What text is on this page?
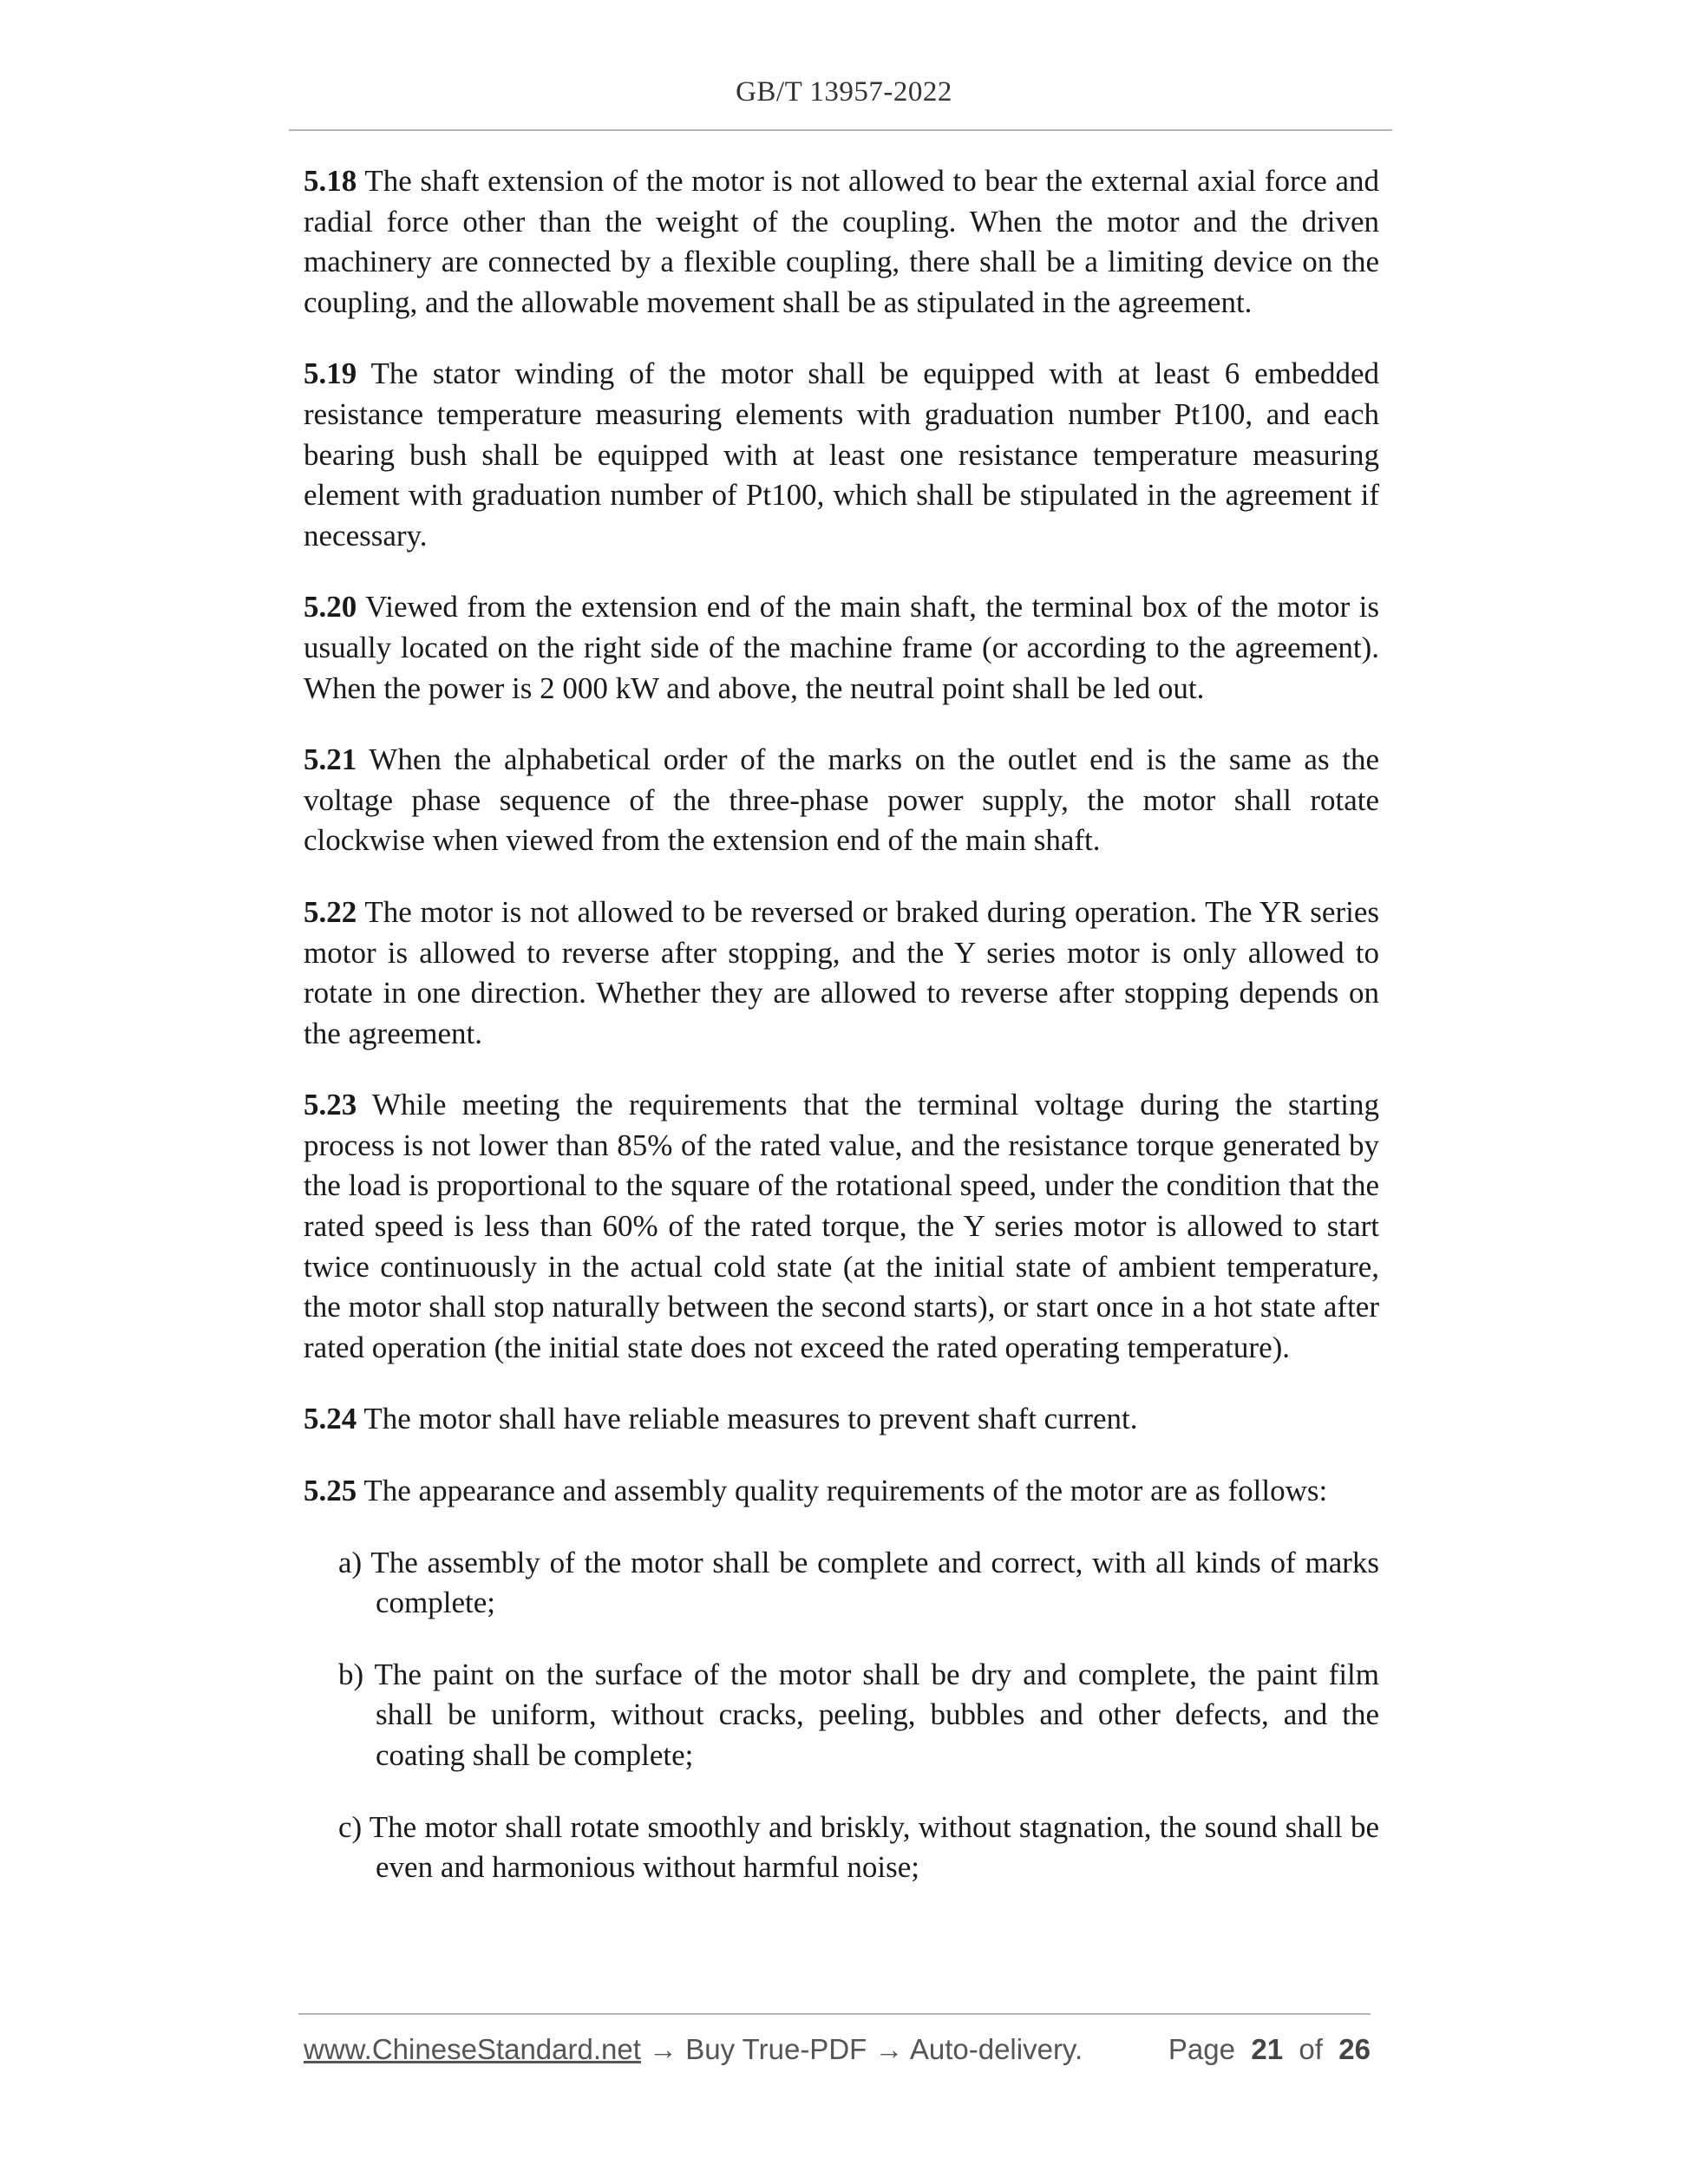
GB/T 13957-2022

5.18 The shaft extension of the motor is not allowed to bear the external axial force and radial force other than the weight of the coupling. When the motor and the driven machinery are connected by a flexible coupling, there shall be a limiting device on the coupling, and the allowable movement shall be as stipulated in the agreement.

5.19 The stator winding of the motor shall be equipped with at least 6 embedded resistance temperature measuring elements with graduation number Pt100, and each bearing bush shall be equipped with at least one resistance temperature measuring element with graduation number of Pt100, which shall be stipulated in the agreement if necessary.

5.20 Viewed from the extension end of the main shaft, the terminal box of the motor is usually located on the right side of the machine frame (or according to the agreement). When the power is 2 000 kW and above, the neutral point shall be led out.

5.21 When the alphabetical order of the marks on the outlet end is the same as the voltage phase sequence of the three-phase power supply, the motor shall rotate clockwise when viewed from the extension end of the main shaft.

5.22 The motor is not allowed to be reversed or braked during operation. The YR series motor is allowed to reverse after stopping, and the Y series motor is only allowed to rotate in one direction. Whether they are allowed to reverse after stopping depends on the agreement.

5.23 While meeting the requirements that the terminal voltage during the starting process is not lower than 85% of the rated value, and the resistance torque generated by the load is proportional to the square of the rotational speed, under the condition that the rated speed is less than 60% of the rated torque, the Y series motor is allowed to start twice continuously in the actual cold state (at the initial state of ambient temperature, the motor shall stop naturally between the second starts), or start once in a hot state after rated operation (the initial state does not exceed the rated operating temperature).

5.24 The motor shall have reliable measures to prevent shaft current.

5.25 The appearance and assembly quality requirements of the motor are as follows:

a) The assembly of the motor shall be complete and correct, with all kinds of marks complete;

b) The paint on the surface of the motor shall be dry and complete, the paint film shall be uniform, without cracks, peeling, bubbles and other defects, and the coating shall be complete;

c) The motor shall rotate smoothly and briskly, without stagnation, the sound shall be even and harmonious without harmful noise;

www.ChineseStandard.net → Buy True-PDF → Auto-delivery.	Page 21 of 26
